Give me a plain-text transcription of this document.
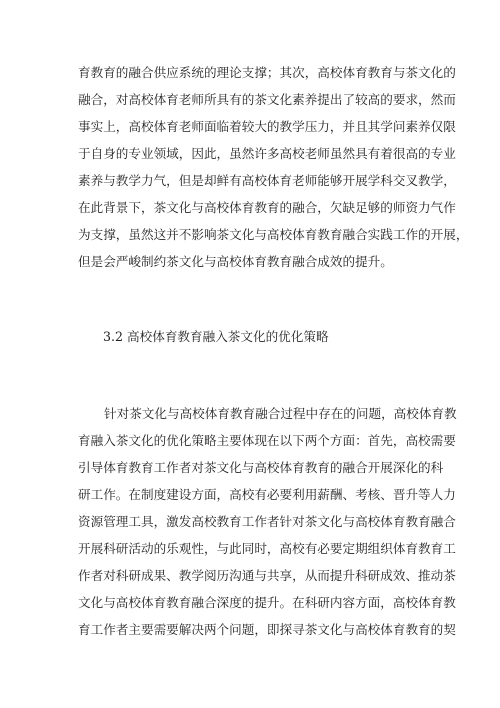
育教育的融合供应系统的理论支撑；其次，高校体育教育与茶文化的
融合，对高校体育老师所具有的茶文化素养提出了较高的要求，然而
事实上，高校体育老师面临着较大的教学压力，并且其学问素养仅限
于自身的专业领域，因此，虽然许多高校老师虽然具有着很高的专业
素养与教学力气，但是却鲜有高校体育老师能够开展学科交叉教学，
在此背景下，茶文化与高校体育教育的融合，欠缺足够的师资力气作
为支撑，虽然这并不影响茶文化与高校体育教育融合实践工作的开展，
但是会严峻制约茶文化与高校体育教育融合成效的提升。
3.2 高校体育教育融入茶文化的优化策略
针对茶文化与高校体育教育融合过程中存在的问题，高校体育教
育融入茶文化的优化策略主要体现在以下两个方面：首先，高校需要
引导体育教育工作者对茶文化与高校体育教育的融合开展深化的科
研工作。在制度建设方面，高校有必要利用薪酬、考核、晋升等人力
资源管理工具，激发高校教育工作者针对茶文化与高校体育教育融合
开展科研活动的乐观性，与此同时，高校有必要定期组织体育教育工
作者对科研成果、教学阅历沟通与共享，从而提升科研成效、推动茶
文化与高校体育教育融合深度的提升。在科研内容方面，高校体育教
育工作者主要需要解决两个问题，即探寻茶文化与高校体育教育的契
